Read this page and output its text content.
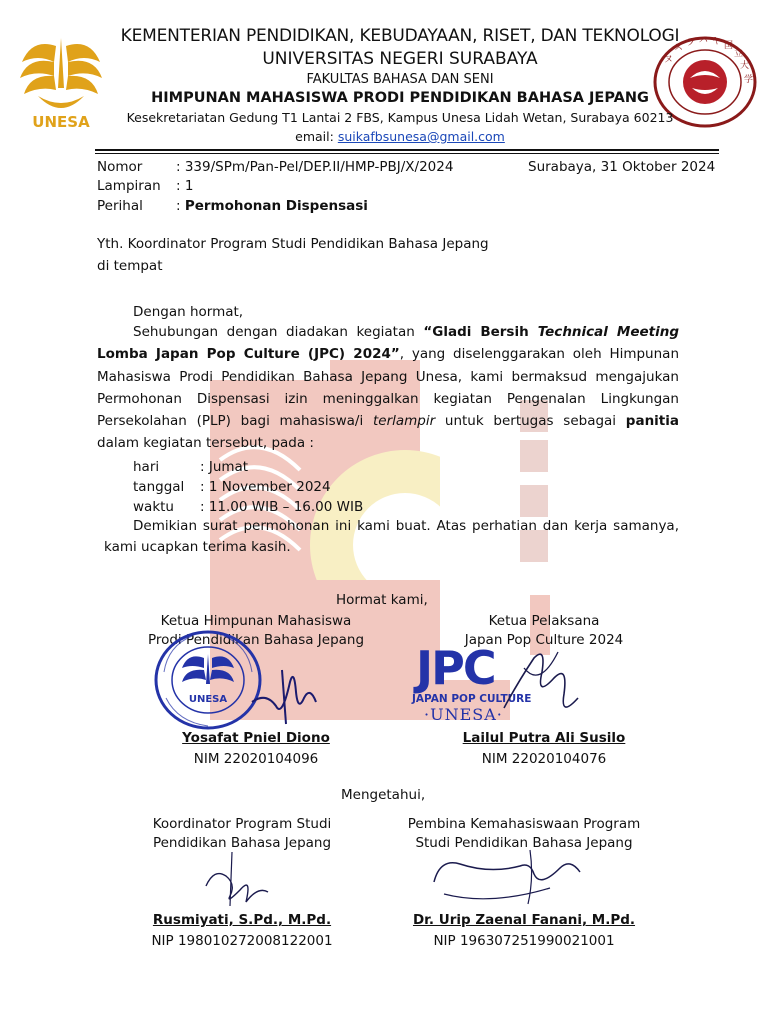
UNESA
ス ラ バ ヤ 国
立
ヌ
大
学
KEMENTERIAN PENDIDIKAN, KEBUDAYAAN, RISET, DAN TEKNOLOGI
UNIVERSITAS NEGERI SURABAYA
FAKULTAS BAHASA DAN SENI
HIMPUNAN MAHASISWA PRODI PENDIDIKAN BAHASA JEPANG
Kesekretariatan Gedung T1 Lantai 2 FBS, Kampus Unesa Lidah Wetan, Surabaya 60213
email: suikafbsunesa@gmail.com
Nomor : 339/SPm/Pan-Pel/DEP.II/HMP-PBJ/X/2024	Surabaya, 31 Oktober 2024
Lampiran : 1
Perihal : Permohonan Dispensasi
Yth. Koordinator Program Studi Pendidikan Bahasa Jepang
di tempat
Dengan hormat,
Sehubungan dengan diadakan kegiatan “Gladi Bersih Technical Meeting Lomba Japan Pop Culture (JPC) 2024”, yang diselenggarakan oleh Himpunan Mahasiswa Prodi Pendidikan Bahasa Jepang Unesa, kami bermaksud mengajukan Permohonan Dispensasi izin meninggalkan kegiatan Pengenalan Lingkungan Persekolahan (PLP) bagi mahasiswa/i terlampir untuk bertugas sebagai panitia dalam kegiatan tersebut, pada :
hari	: Jumat
tanggal : 1 November 2024
waktu : 11.00 WIB – 16.00 WIB
Demikian surat permohonan ini kami buat. Atas perhatian dan kerja samanya,
kami ucapkan terima kasih.
Hormat kami,
Ketua Himpunan Mahasiswa
Prodi Pendidikan Bahasa Jepang
Ketua Pelaksana
Japan Pop Culture 2024
UNESA
JPC
JAPAN POP CULTURE
·UNESA·
Yosafat Pniel Diono
NIM 22020104096
Lailul Putra Ali Susilo
NIM 22020104076
Mengetahui,
Koordinator Program Studi
Pendidikan Bahasa Jepang
Pembina Kemahasiswaan Program
Studi Pendidikan Bahasa Jepang
Rusmiyati, S.Pd., M.Pd.
NIP 198010272008122001
Dr. Urip Zaenal Fanani, M.Pd.
NIP 196307251990021001
